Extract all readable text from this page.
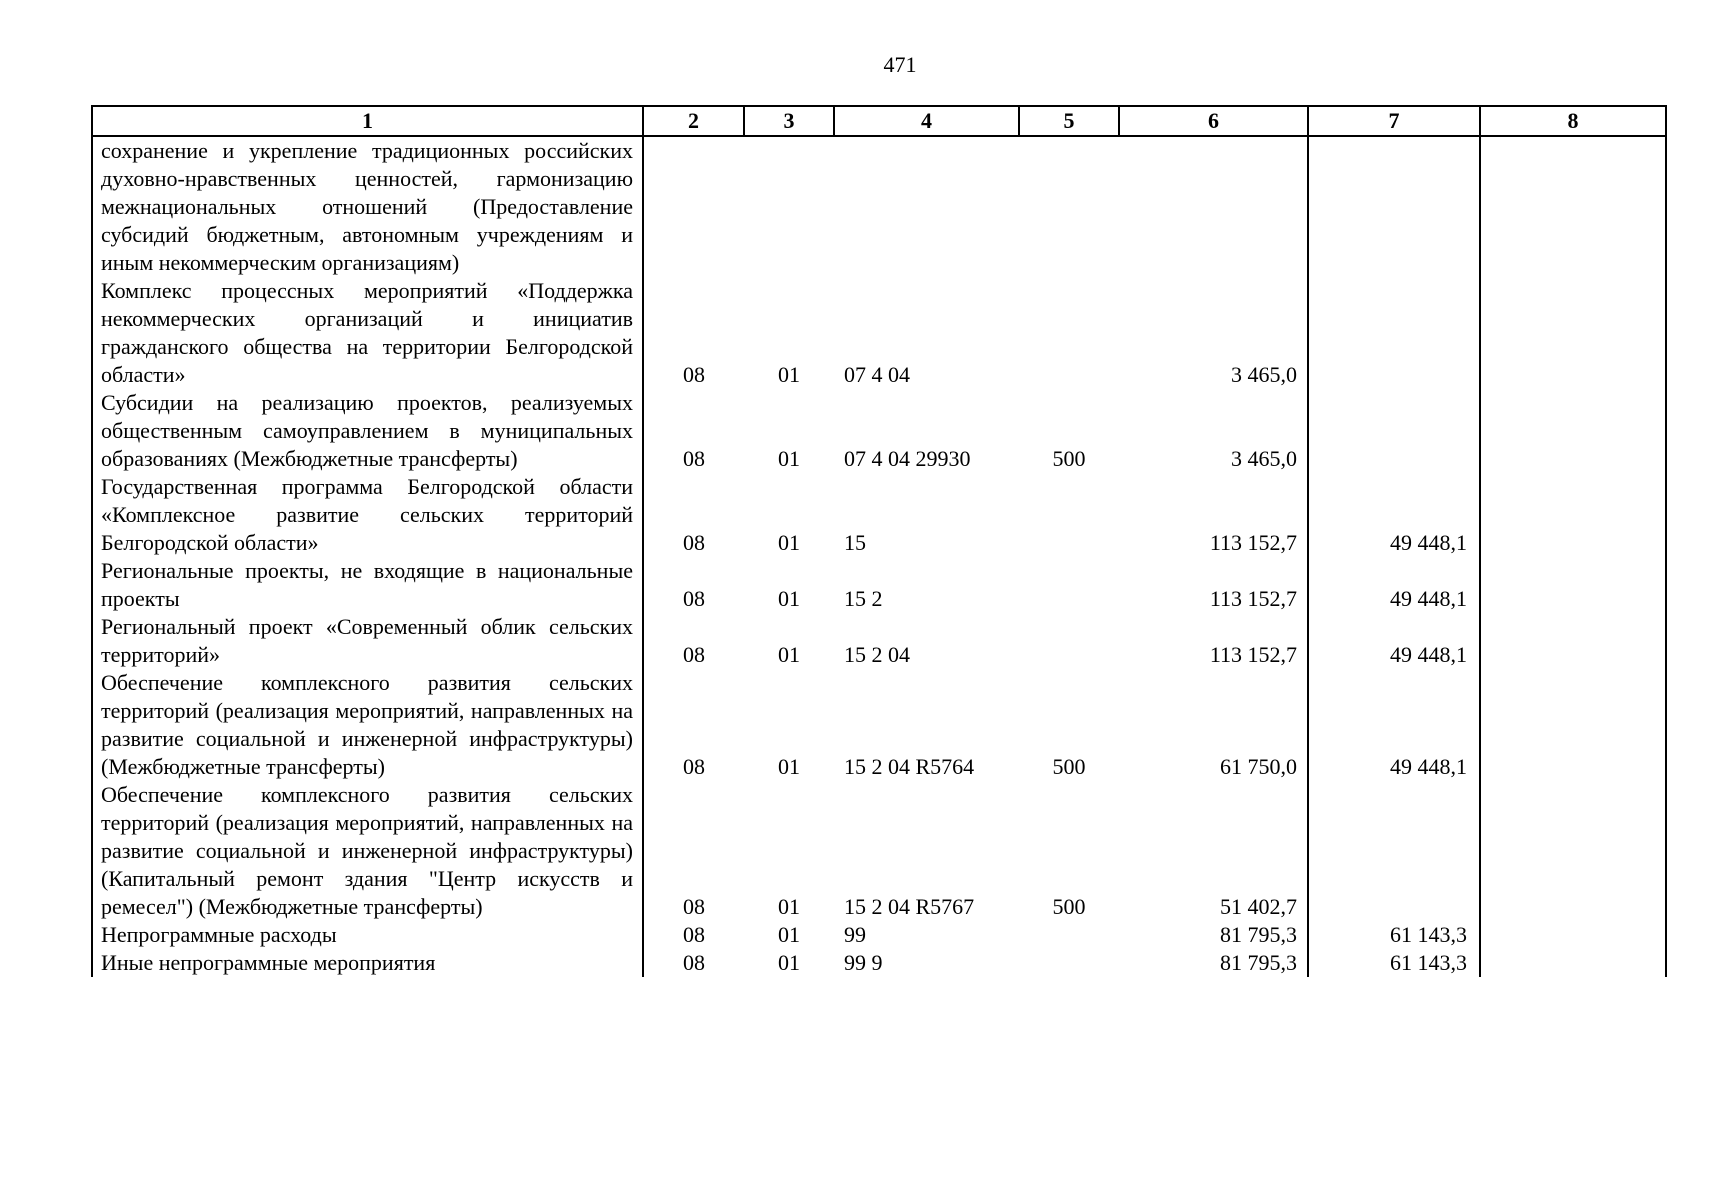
471
1	2	3	4	5	6	7	8
сохранение и укрепление традиционных российских духовно-нравственных ценностей, гармонизацию межнациональных отношений (Предоставление субсидий бюджетным, автономным учреждениям и иным некоммерческим организациям)							
Комплекс процессных мероприятий «Поддержка некоммерческих организаций и инициатив гражданского общества на территории Белгородской области»	08	01	07 4 04		3 465,0		
Субсидии на реализацию проектов, реализуемых общественным самоуправлением в муниципальных образованиях (Межбюджетные трансферты)	08	01	07 4 04 29930	500	3 465,0		
Государственная программа Белгородской области «Комплексное развитие сельских территорий Белгородской области»	08	01	15		113 152,7	49 448,1	
Региональные проекты, не входящие в национальные проекты	08	01	15 2		113 152,7	49 448,1	
Региональный проект «Современный облик сельских территорий»	08	01	15 2 04		113 152,7	49 448,1	
Обеспечение комплексного развития сельских территорий (реализация мероприятий, направленных на развитие социальной и инженерной инфраструктуры) (Межбюджетные трансферты)	08	01	15 2 04 R5764	500	61 750,0	49 448,1	
Обеспечение комплексного развития сельских территорий (реализация мероприятий, направленных на развитие социальной и инженерной инфраструктуры) (Капитальный ремонт здания "Центр искусств и ремесел") (Межбюджетные трансферты)	08	01	15 2 04 R5767	500	51 402,7		
Непрограммные расходы	08	01	99		81 795,3	61 143,3	
Иные непрограммные мероприятия	08	01	99 9		81 795,3	61 143,3	
